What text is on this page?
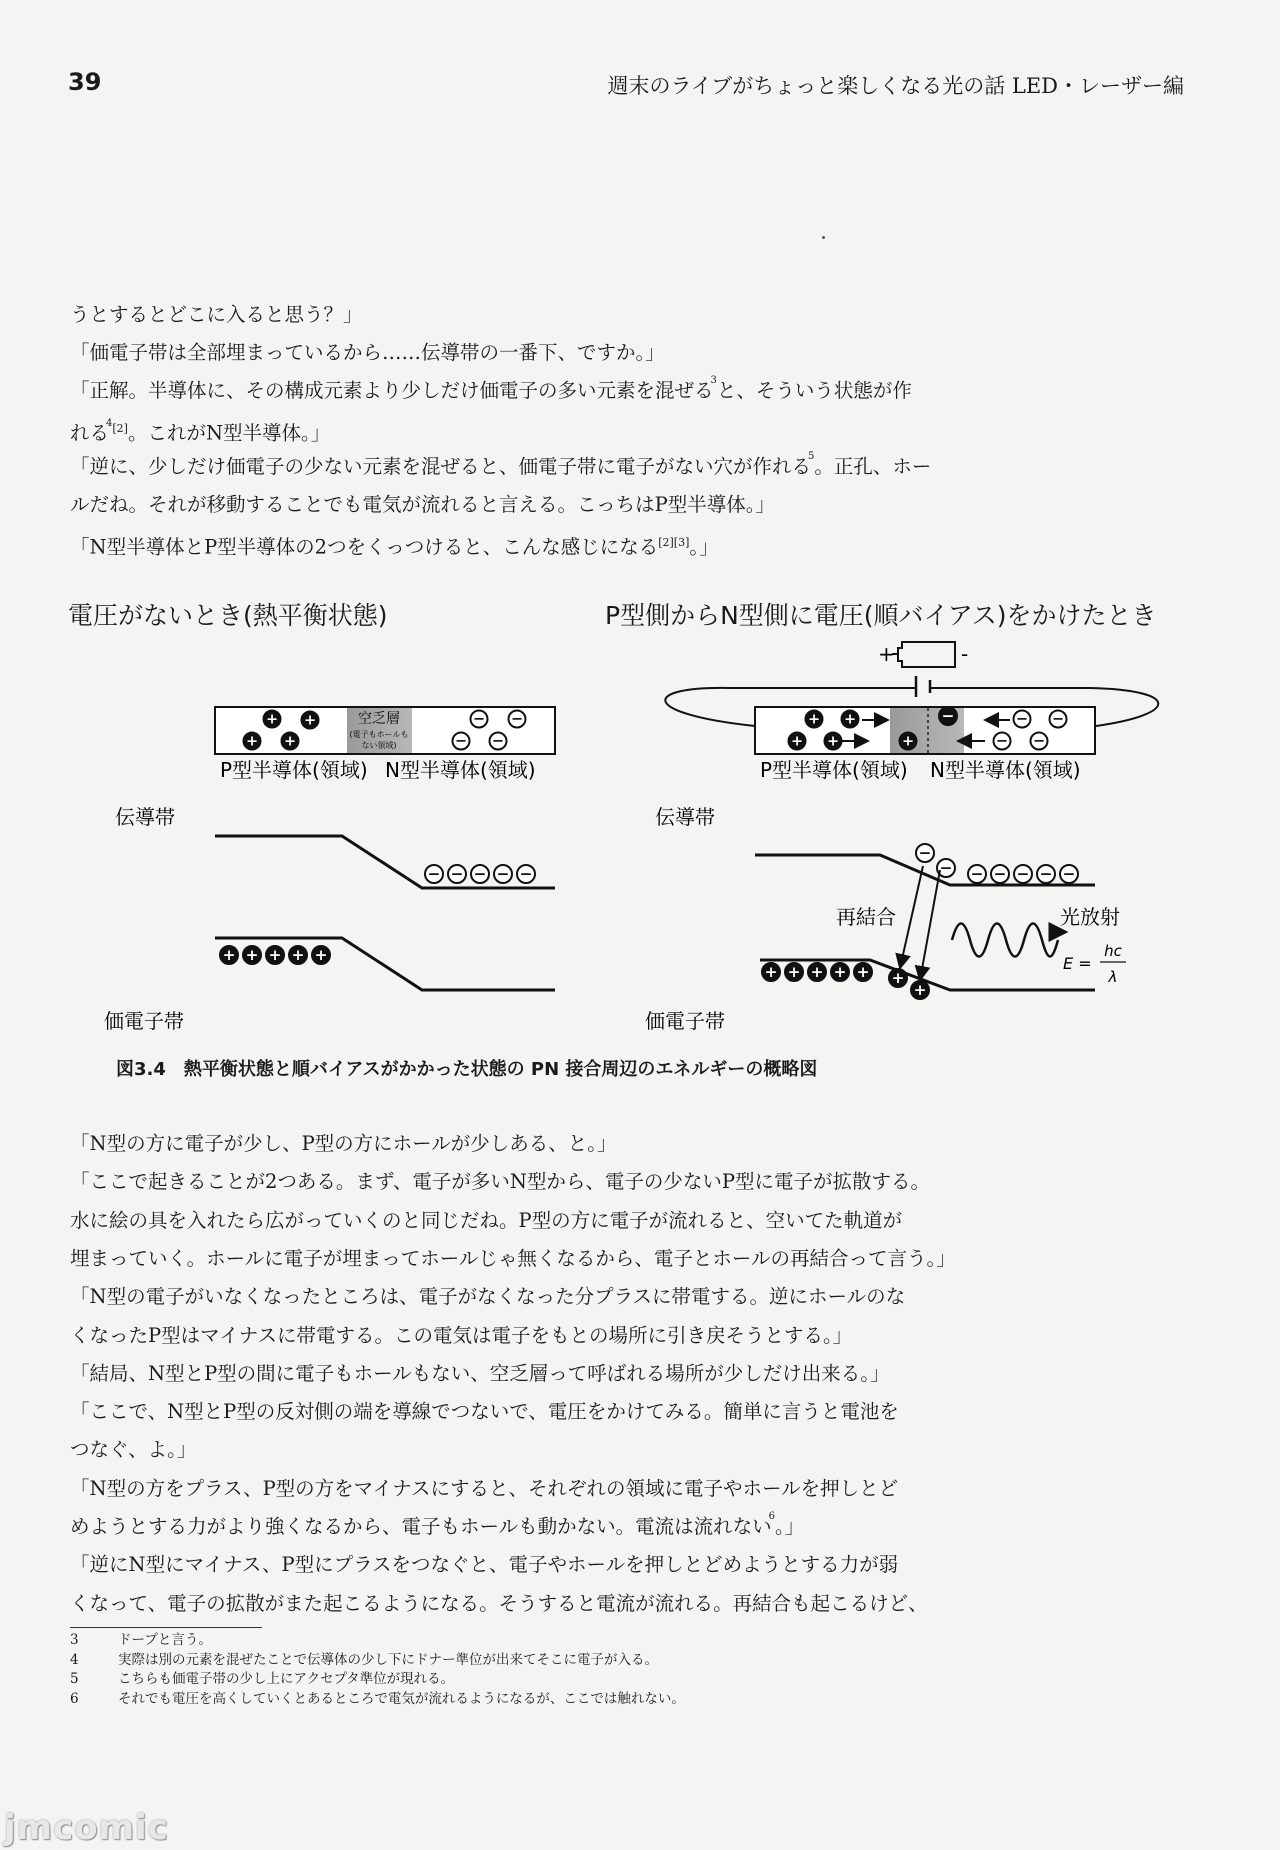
39	週末のライブがちょっと楽しくなる光の話 LED・レーザー編

うとするとどこに入ると思う？」

「価電子帯は全部埋まっているから……伝導帯の一番下、ですか。」

「正解。半導体に、その構成元素より少しだけ価電子の多い元素を混ぜる$^3$と、そういう状態が作

れる$^{4[2]}$。これがN型半導体。」

「逆に、少しだけ価電子の少ない元素を混ぜると、価電子帯に電子がない穴が作れる$^5$。正孔、ホー

ルだね。それが移動することでも電気が流れると言える。こっちはP型半導体。」

「N型半導体とP型半導体の2つをくっつけると、こんな感じになる[2][3]。」

電圧がないとき(熱平衡状態)	P型側からN型側に電圧(順バイアス)をかけたとき
空乏層
(電子もホールも
ない領域)
+ +
+ +
− −
− −
P型半導体(領域) N型半導体(領域)
伝導帯
− − − − −
+ + + + +
価電子帯
+	-
+ +
+ +	+
−	− −
− −
P型半導体(領域) N型半導体(領域)
伝導帯
−
− − − − − −
+ + + + + +
+
再結合	光放射
E =
hc
λ
価電子帯
図3.4　熱平衡状態と順バイアスがかかった状態の PN 接合周辺のエネルギーの概略図

「N型の方に電子が少し、P型の方にホールが少しある、と。」

「ここで起きることが2つある。まず、電子が多いN型から、電子の少ないP型に電子が拡散する。

水に絵の具を入れたら広がっていくのと同じだね。P型の方に電子が流れると、空いてた軌道が

埋まっていく。ホールに電子が埋まってホールじゃ無くなるから、電子とホールの再結合って言う。」

「N型の電子がいなくなったところは、電子がなくなった分プラスに帯電する。逆にホールのな

くなったP型はマイナスに帯電する。この電気は電子をもとの場所に引き戻そうとする。」

「結局、N型とP型の間に電子もホールもない、空乏層って呼ばれる場所が少しだけ出来る。」

「ここで、N型とP型の反対側の端を導線でつないで、電圧をかけてみる。簡単に言うと電池を

つなぐ、よ。」

「N型の方をプラス、P型の方をマイナスにすると、それぞれの領域に電子やホールを押しとど

めようとする力がより強くなるから、電子もホールも動かない。電流は流れない$^6$。」

「逆にN型にマイナス、P型にプラスをつなぐと、電子やホールを押しとどめようとする力が弱

くなって、電子の拡散がまた起こるようになる。そうすると電流が流れる。再結合も起こるけど、

3	ドープと言う。
4	実際は別の元素を混ぜたことで伝導体の少し下にドナー準位が出来てそこに電子が入る。
5	こちらも価電子帯の少し上にアクセプタ準位が現れる。
6	それでも電圧を高くしていくとあるところで電気が流れるようになるが、ここでは触れない。
jmcomic
